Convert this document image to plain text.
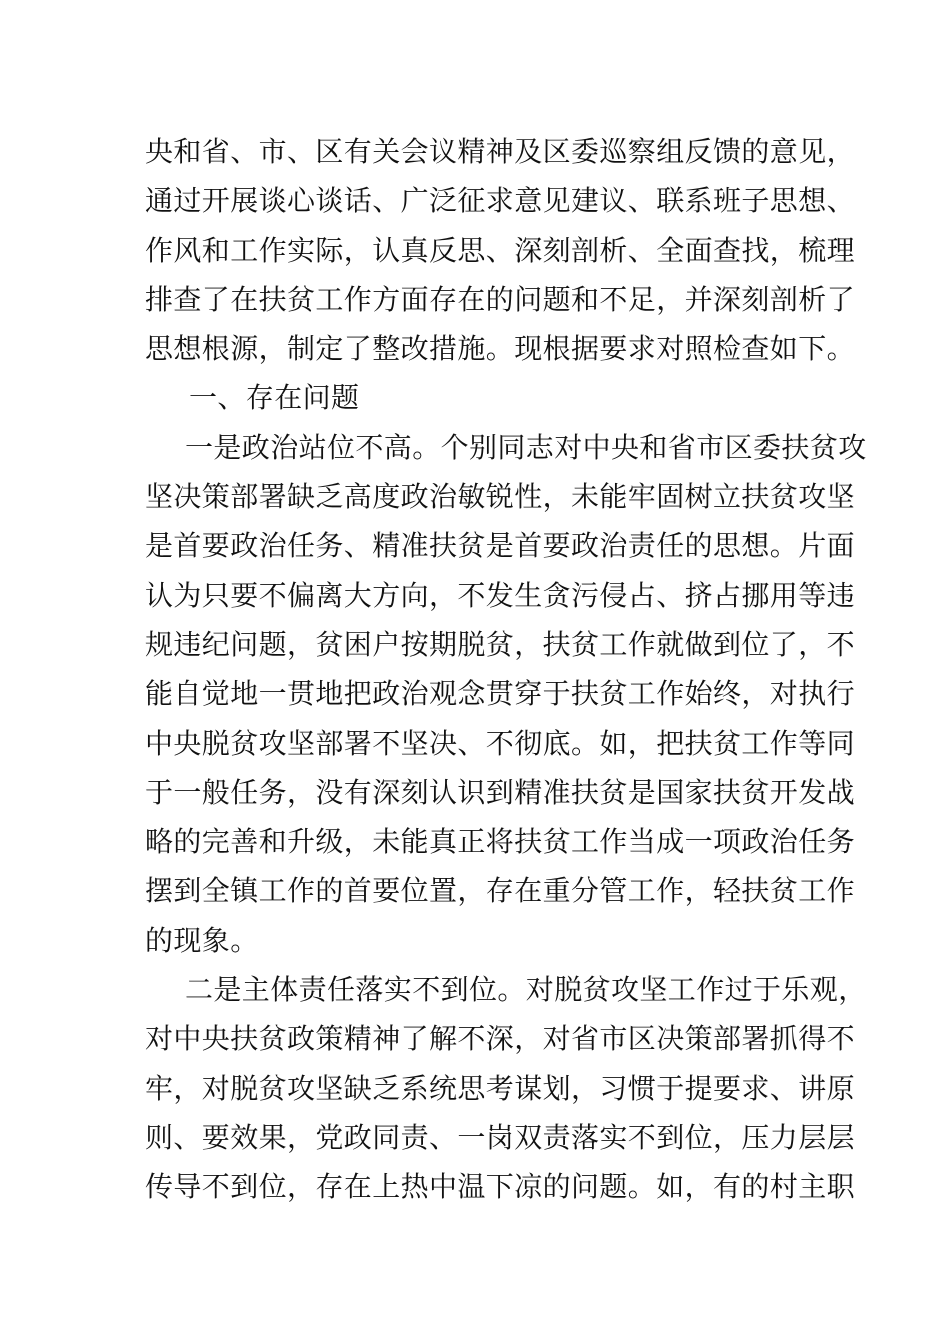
央和省、市、区有关会议精神及区委巡察组反馈的意见，

通过开展谈心谈话、广泛征求意见建议、联系班子思想、

作风和工作实际，认真反思、深刻剖析、全面查找，梳理

排查了在扶贫工作方面存在的问题和不足，并深刻剖析了

思想根源，制定了整改措施。现根据要求对照检查如下。

一、存在问题

一是政治站位不高。个别同志对中央和省市区委扶贫攻

坚决策部署缺乏高度政治敏锐性，未能牢固树立扶贫攻坚

是首要政治任务、精准扶贫是首要政治责任的思想。片面

认为只要不偏离大方向，不发生贪污侵占、挤占挪用等违

规违纪问题，贫困户按期脱贫，扶贫工作就做到位了，不

能自觉地一贯地把政治观念贯穿于扶贫工作始终，对执行

中央脱贫攻坚部署不坚决、不彻底。如，把扶贫工作等同

于一般任务，没有深刻认识到精准扶贫是国家扶贫开发战

略的完善和升级，未能真正将扶贫工作当成一项政治任务

摆到全镇工作的首要位置，存在重分管工作，轻扶贫工作

的现象。

二是主体责任落实不到位。对脱贫攻坚工作过于乐观，

对中央扶贫政策精神了解不深，对省市区决策部署抓得不

牢，对脱贫攻坚缺乏系统思考谋划，习惯于提要求、讲原

则、要效果，党政同责、一岗双责落实不到位，压力层层

传导不到位，存在上热中温下凉的问题。如，有的村主职
